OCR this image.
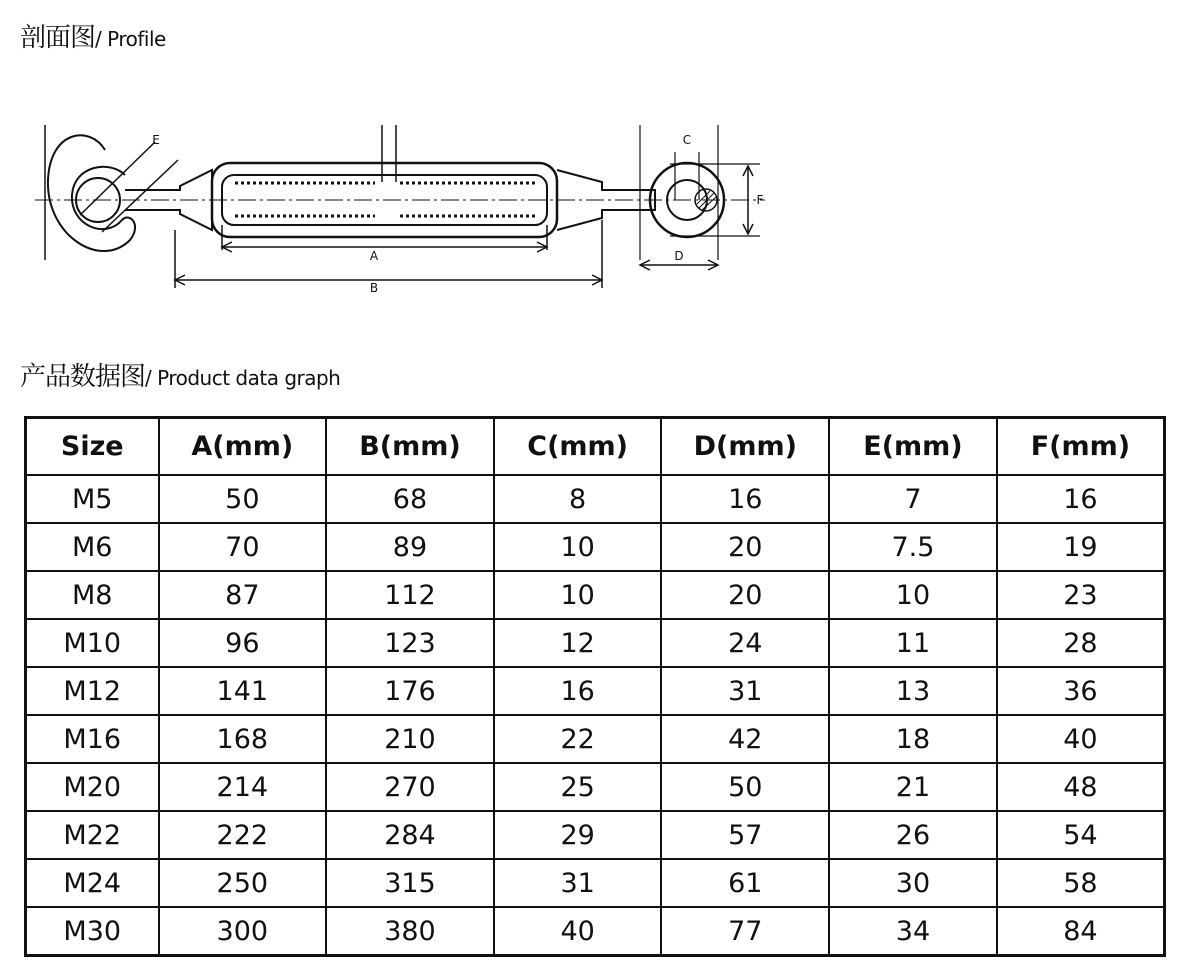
剖面图/ Profile
A
B
C
D
E
F
产品数据图/ Product data graph
Size	A(mm)	B(mm)	C(mm)	D(mm)	E(mm)	F(mm)
M5	50	68	8	16	7	16
M6	70	89	10	20	7.5	19
M8	87	112	10	20	10	23
M10	96	123	12	24	11	28
M12	141	176	16	31	13	36
M16	168	210	22	42	18	40
M20	214	270	25	50	21	48
M22	222	284	29	57	26	54
M24	250	315	31	61	30	58
M30	300	380	40	77	34	84
